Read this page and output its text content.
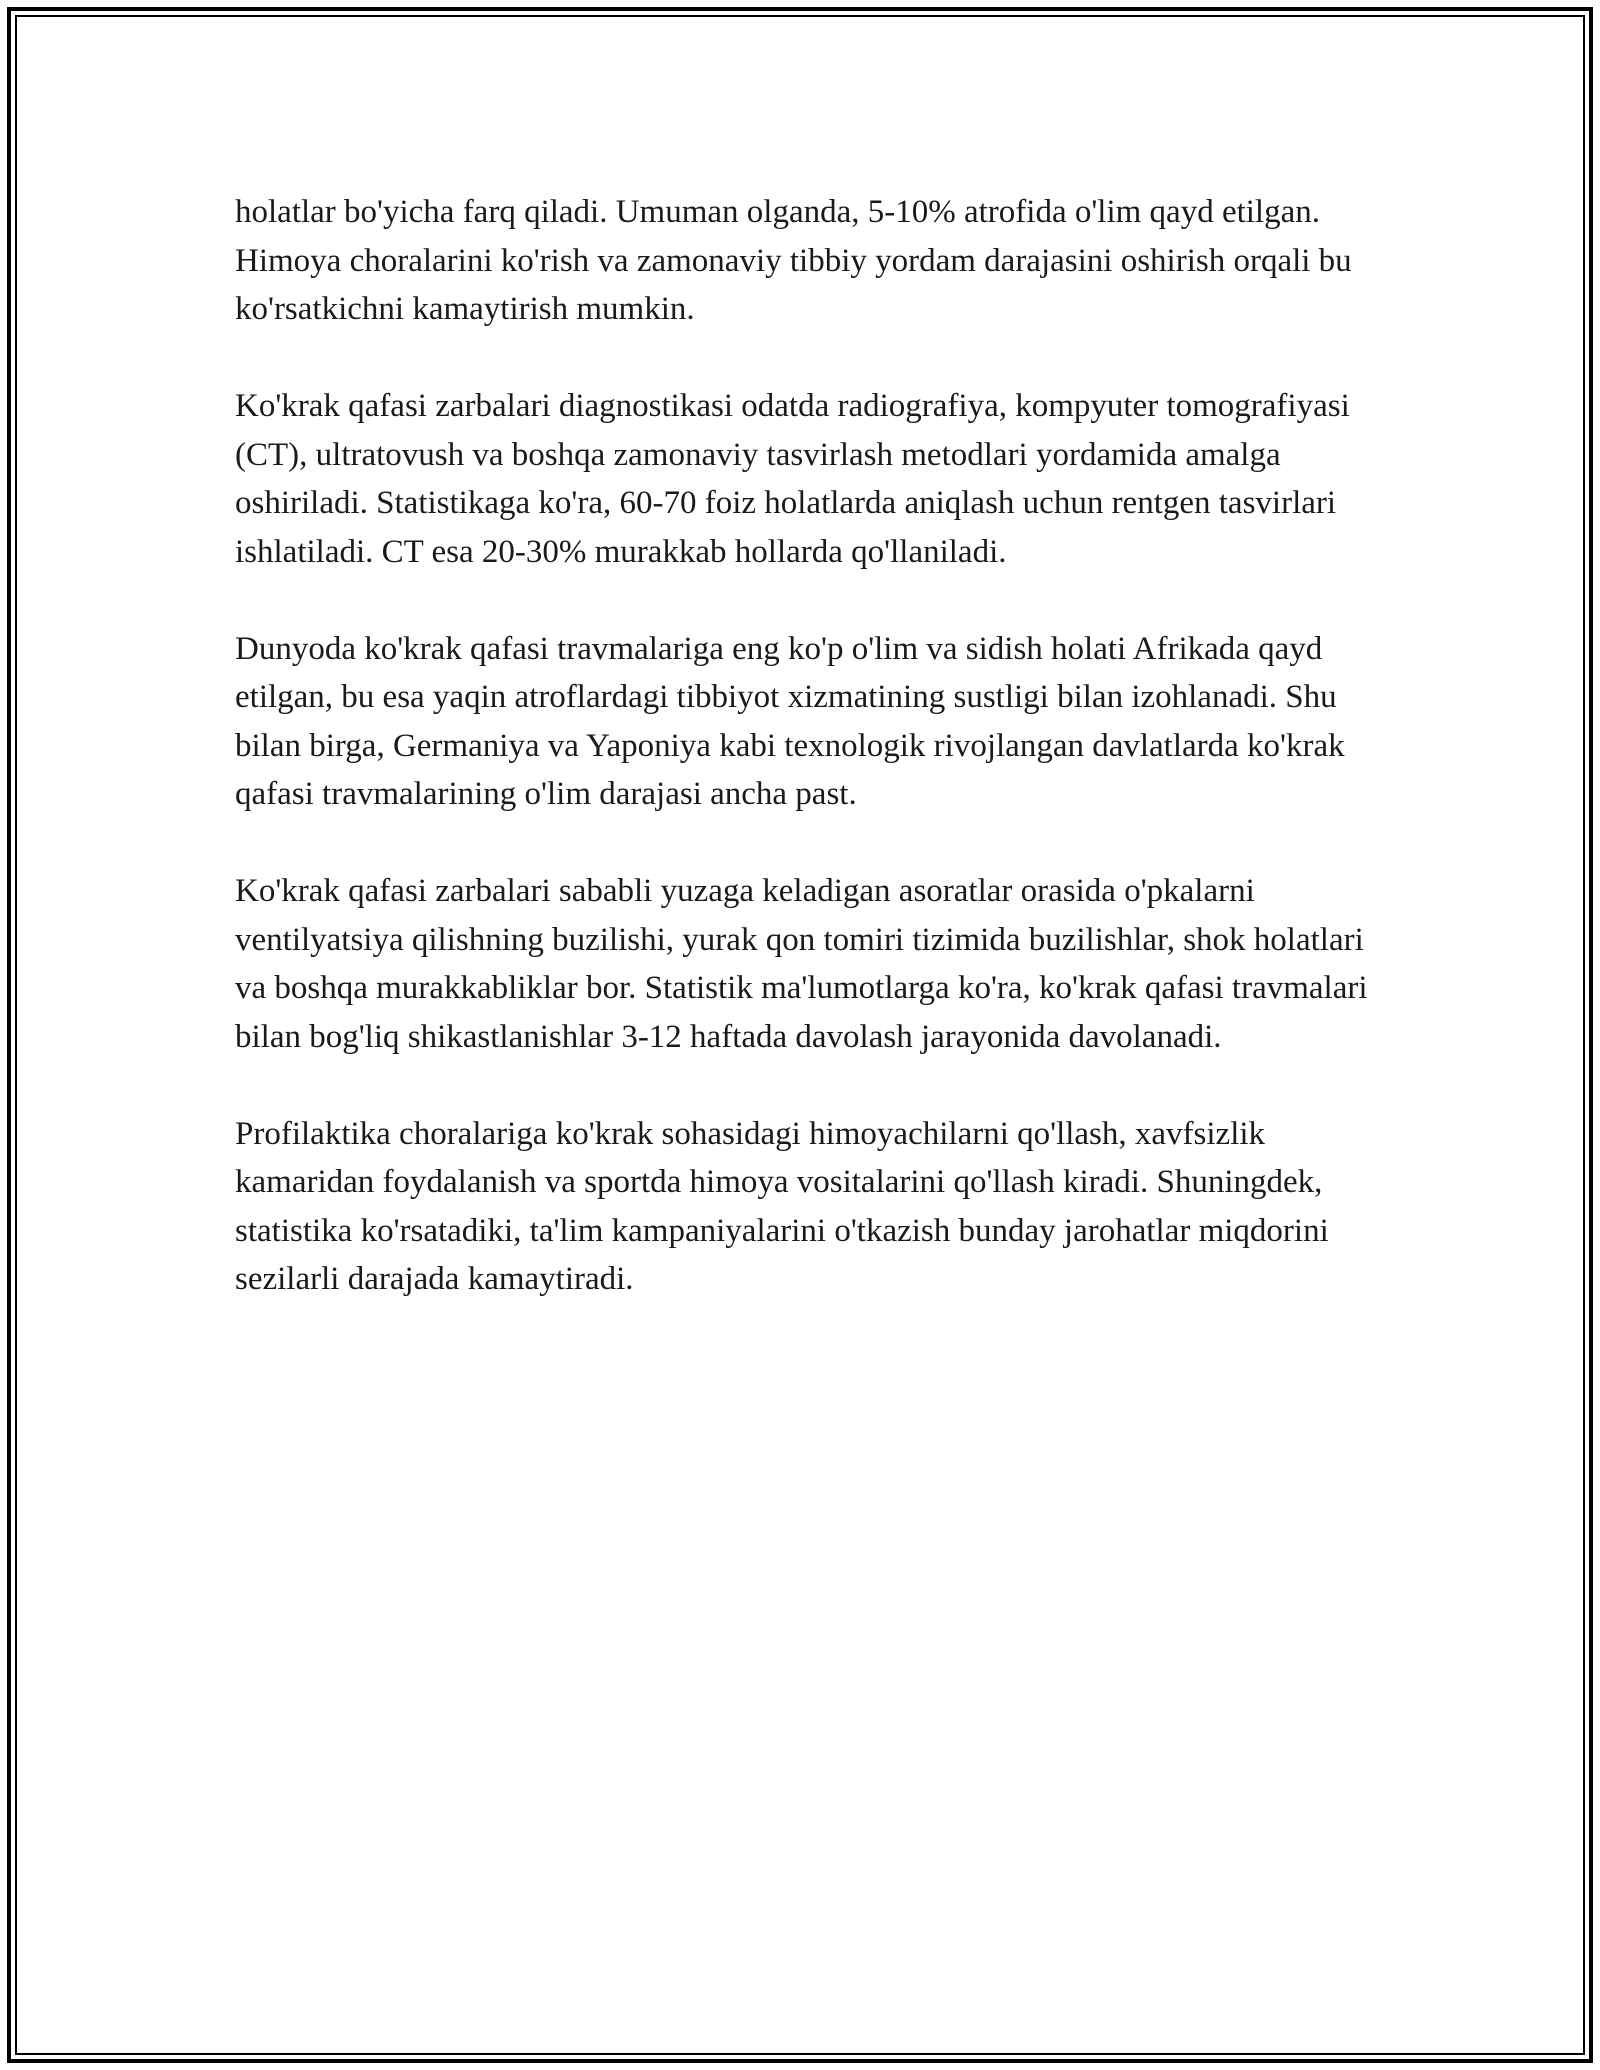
holatlar bo'yicha farq qiladi. Umuman olganda, 5-10% atrofida o'lim qayd etilgan. Himoya choralarini ko'rish va zamonaviy tibbiy yordam darajasini oshirish orqali bu ko'rsatkichni kamaytirish mumkin.

Ko'krak qafasi zarbalari diagnostikasi odatda radiografiya, kompyuter tomografiyasi (CT), ultratovush va boshqa zamonaviy tasvirlash metodlari yordamida amalga oshiriladi. Statistikaga ko'ra, 60-70 foiz holatlarda aniqlash uchun rentgen tasvirlari ishlatiladi. CT esa 20-30% murakkab hollarda qo'llaniladi.

Dunyoda ko'krak qafasi travmalariga eng ko'p o'lim va sidish holati Afrikada qayd etilgan, bu esa yaqin atroflardagi tibbiyot xizmatining sustligi bilan izohlanadi. Shu bilan birga, Germaniya va Yaponiya kabi texnologik rivojlangan davlatlarda ko'krak qafasi travmalarining o'lim darajasi ancha past.

Ko'krak qafasi zarbalari sababli yuzaga keladigan asoratlar orasida o'pkalarni ventilyatsiya qilishning buzilishi, yurak qon tomiri tizimida buzilishlar, shok holatlari va boshqa murakkabliklar bor. Statistik ma'lumotlarga ko'ra, ko'krak qafasi travmalari bilan bog'liq shikastlanishlar 3-12 haftada davolash jarayonida davolanadi.

Profilaktika choralariga ko'krak sohasidagi himoyachilarni qo'llash, xavfsizlik kamaridan foydalanish va sportda himoya vositalarini qo'llash kiradi. Shuningdek, statistika ko'rsatadiki, ta'lim kampaniyalarini o'tkazish bunday jarohatlar miqdorini sezilarli darajada kamaytiradi.
